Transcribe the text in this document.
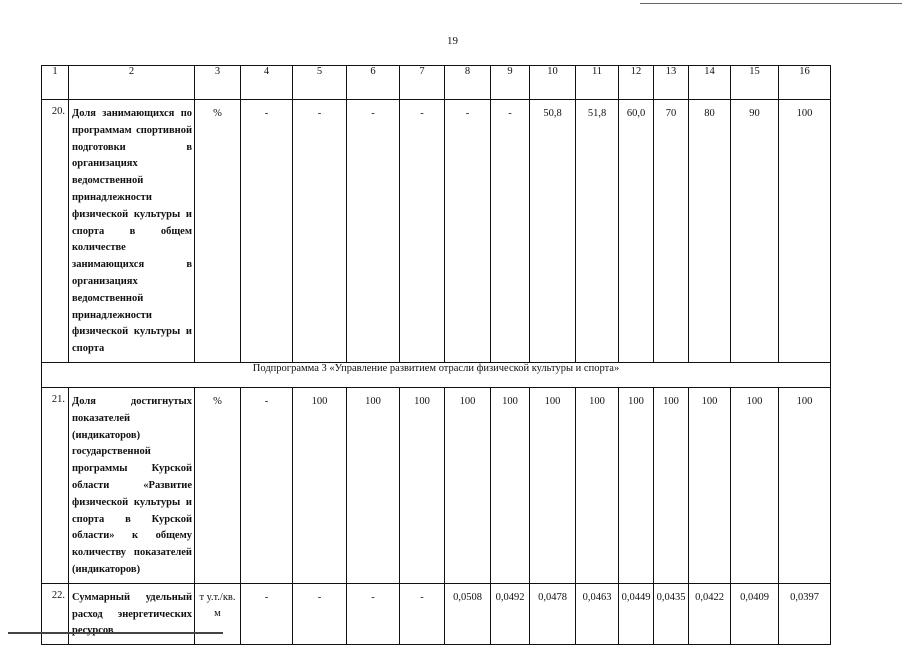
19
1	2	3	4	5	6	7	8	9	10	11	12	13	14	15	16
20.	Доля занимающихся по программам спортивной подготовки в организациях ведомственной принадлежности физической культуры и спорта в общем количестве занимающихся в организациях ведомственной принадлежности физической культуры и спорта	%	-	-	-	-	-	-	50,8	51,8	60,0	70	80	90	100
Подпрограмма 3 «Управление развитием отрасли физической культуры и спорта»															
21.	Доля достигнутых показателей (индикаторов) государственной программы Курской области «Развитие физической культуры и спорта в Курской области» к общему количеству показателей (индикаторов)	%	-	100	100	100	100	100	100	100	100	100	100	100	100
22.	Суммарный удельный расход энергетических ресурсов	т у.т./кв. м	-	-	-	-	0,0508	0,0492	0,0478	0,0463	0,0449	0,0435	0,0422	0,0409	0,0397
